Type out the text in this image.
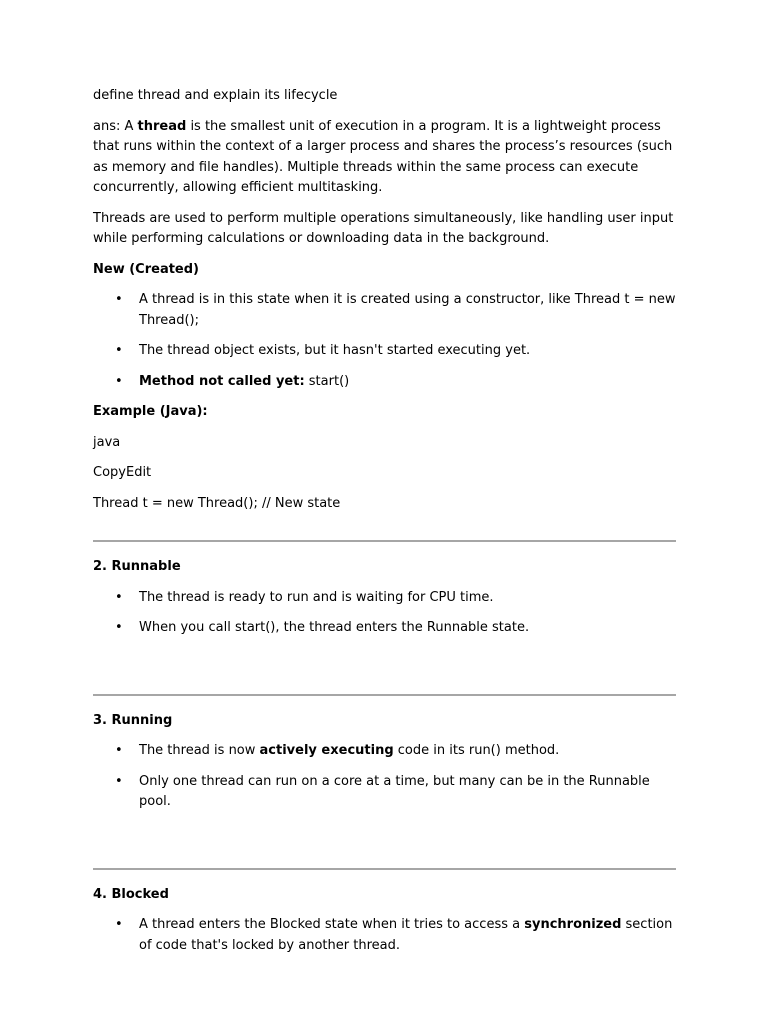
define thread and explain its lifecycle

ans: A thread is the smallest unit of execution in a program. It is a lightweight process that runs within the context of a larger process and shares the process’s resources (such as memory and file handles). Multiple threads within the same process can execute concurrently, allowing efficient multitasking.

Threads are used to perform multiple operations simultaneously, like handling user input while performing calculations or downloading data in the background.

New (Created)

• A thread is in this state when it is created using a constructor, like Thread t = new Thread();
• The thread object exists, but it hasn't started executing yet.
• Method not called yet: start()

Example (Java):

java

CopyEdit

Thread t = new Thread(); // New state

2. Runnable

• The thread is ready to run and is waiting for CPU time.
• When you call start(), the thread enters the Runnable state.

3. Running

• The thread is now actively executing code in its run() method.
• Only one thread can run on a core at a time, but many can be in the Runnable pool.

4. Blocked

• A thread enters the Blocked state when it tries to access a synchronized section of code that's locked by another thread.
